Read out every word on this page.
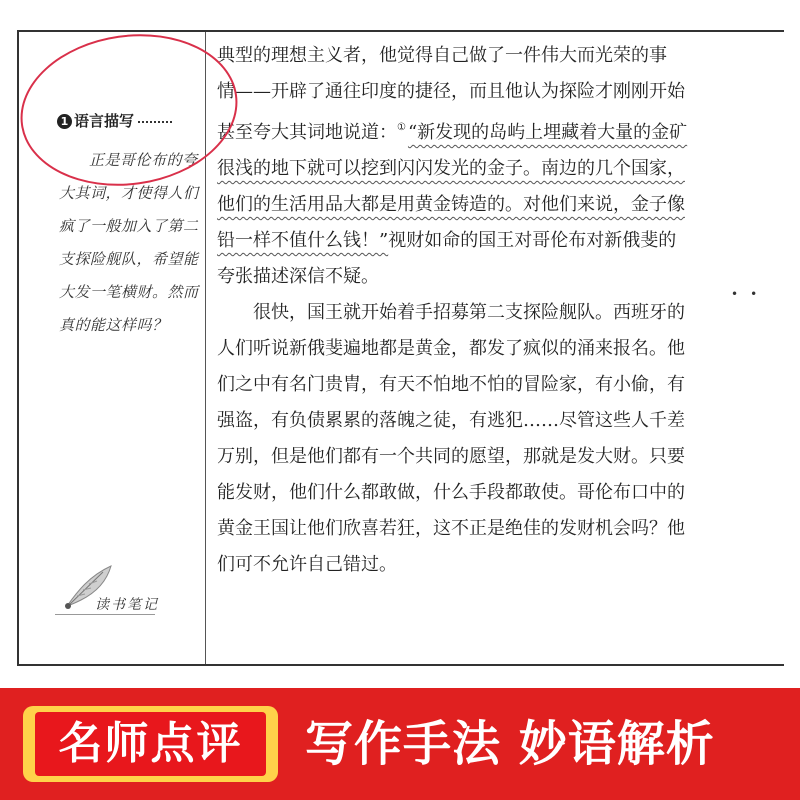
1 语言描写
正是哥伦布的夸大其词，才使得人们疯了一般加入了第二支探险舰队，希望能大发一笔横财。然而真的能这样吗？
读书笔记

典型的理想主义者，他觉得自己做了一件伟大而光荣的事

情——开辟了通往印度的捷径，而且他认为探险才刚刚开始

甚至夸大其词地说道：① “新发现的岛屿上埋藏着大量的金矿

很浅的地下就可以挖到闪闪发光的金子。南边的几个国家，

他们的生活用品大都是用黄金铸造的。对他们来说，金子像

铅一样不值什么钱！”视财如命的国王对哥伦布对新俄斐的

夸张描述深信不疑。

　　很快，国王就开始着手招募第二支探险舰队。西班牙的

人们听说新俄斐遍地都是黄金，都发了疯似的涌来报名。他

们之中有名门贵胄，有天不怕地不怕的冒险家，有小偷，有

强盗，有负债累累的落魄之徒，有逃犯……尽管这些人千差

万别，但是他们都有一个共同的愿望，那就是发大财。只要

能发财，他们什么都敢做，什么手段都敢使。哥伦布口中的

黄金王国让他们欣喜若狂，这不正是绝佳的发财机会吗？他

们可不允许自己错过。

••
名师点评	写作手法 妙语解析
